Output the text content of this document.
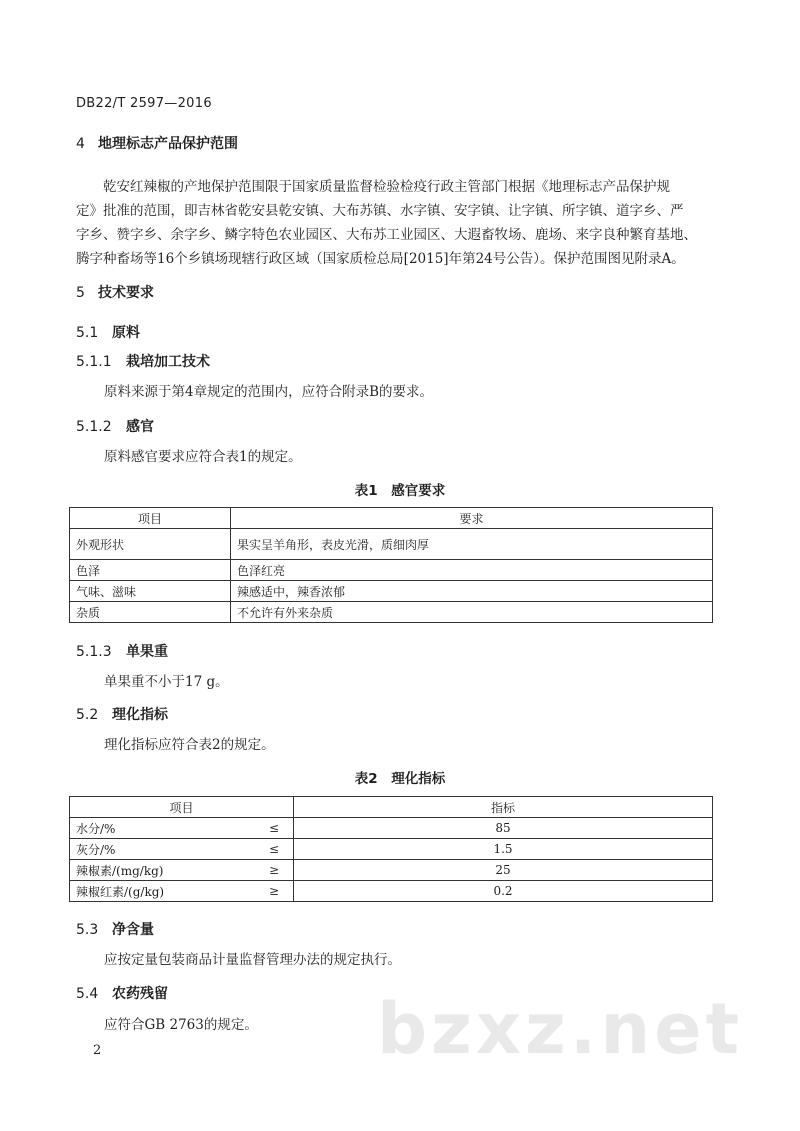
DB22/T 2597—2016
4 地理标志产品保护范围
乾安红辣椒的产地保护范围限于国家质量监督检验检疫行政主管部门根据《地理标志产品保护规
定》批准的范围，即吉林省乾安县乾安镇、大布苏镇、水字镇、安字镇、让字镇、所字镇、道字乡、严
字乡、赞字乡、余字乡、鳞字特色农业园区、大布苏工业园区、大遐畜牧场、鹿场、来字良种繁育基地、
腾字种畜场等16个乡镇场现辖行政区域（国家质检总局[2015]年第24号公告）。保护范围图见附录A。
5 技术要求
5.1 原料
5.1.1 栽培加工技术
原料来源于第4章规定的范围内，应符合附录B的要求。
5.1.2 感官
原料感官要求应符合表1的规定。
表1　感官要求
项目	要求
外观形状	果实呈羊角形，表皮光滑，质细肉厚
色泽	色泽红亮
气味、滋味	辣感适中，辣香浓郁
杂质	不允许有外来杂质
5.1.3 单果重
单果重不小于17 g。
5.2 理化指标
理化指标应符合表2的规定。
表2　理化指标
项目		指标
水分/%	≤	85
灰分/%	≤	1.5
辣椒素/(mg/kg)	≥	25
辣椒红素/(g/kg)	≥	0.2
5.3 净含量
应按定量包装商品计量监督管理办法的规定执行。
5.4 农药残留
应符合GB 2763的规定。 bzxz.net
2
